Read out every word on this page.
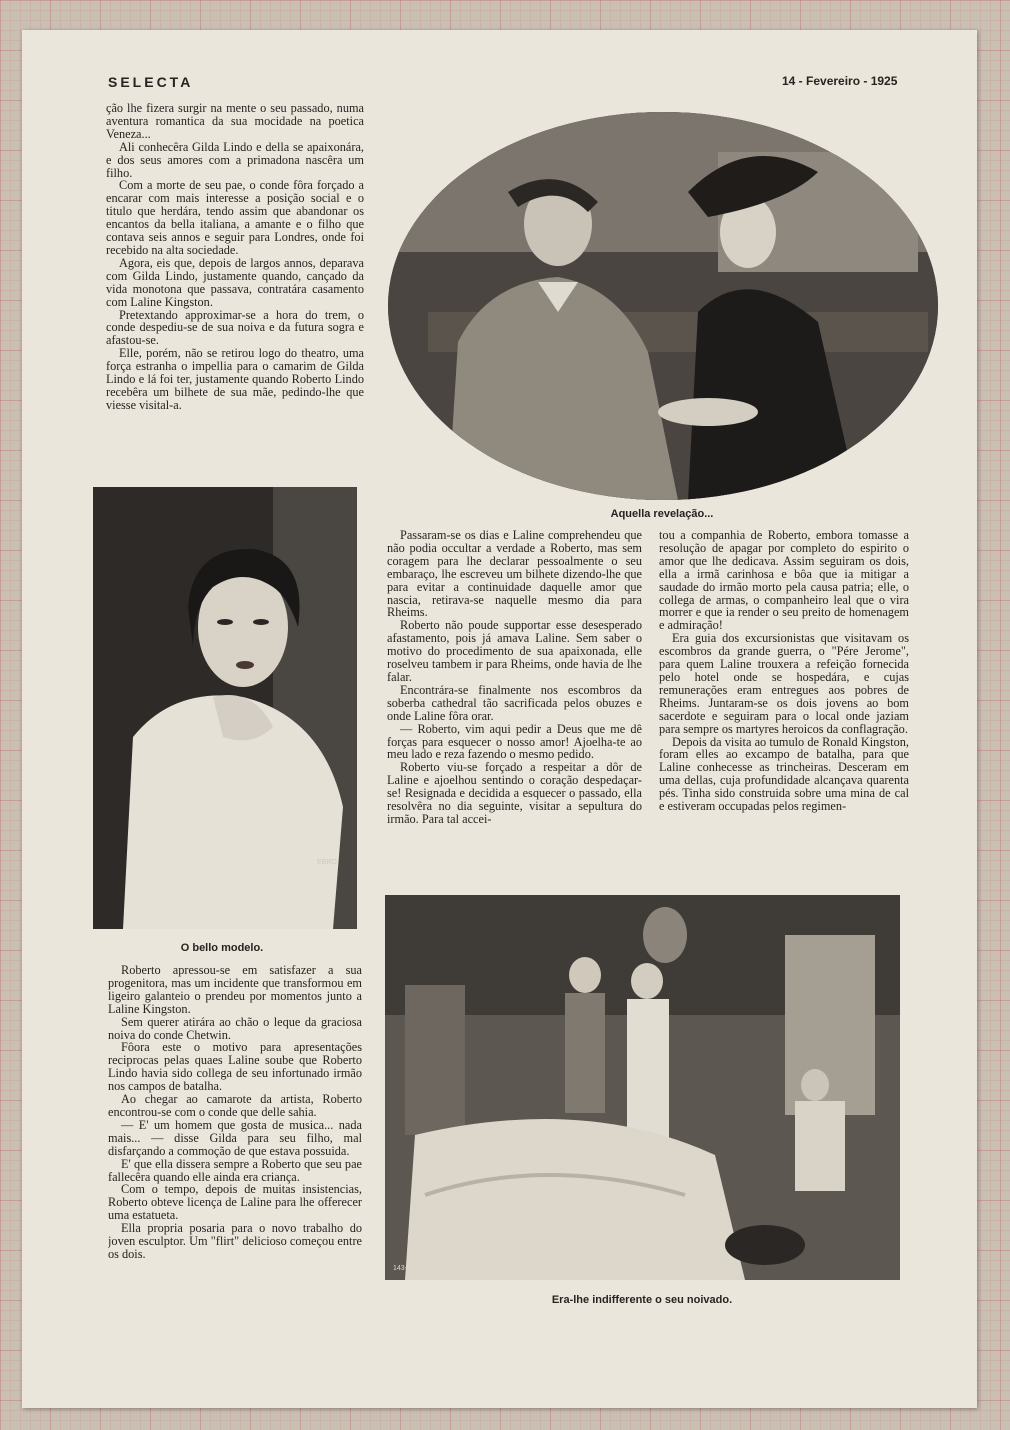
SELECTA	14 - Fevereiro - 1925

ção lhe fizera surgir na mente o seu passado, numa aventura romantica da sua mocidade na poetica Veneza...

Ali conhecêra Gilda Lindo e della se apaixonára, e dos seus amores com a primadona nascêra um filho.

Com a morte de seu pae, o conde fôra forçado a encarar com mais interesse a posição social e o titulo que herdára, tendo assim que abandonar os encantos da bella italiana, a amante e o filho que contava seis annos e seguir para Londres, onde foi recebido na alta sociedade.

Agora, eis que, depois de largos annos, deparava com Gilda Lindo, justamente quando, cançado da vida monotona que passava, contratára casamento com Laline Kingston.

Pretextando approximar-se a hora do trem, o conde despediu-se de sua noiva e da futura sogra e afastou-se.

Elle, porém, não se retirou logo do theatro, uma força estranha o impellia para o camarim de Gilda Lindo e lá foi ter, justamente quando Roberto Lindo recebêra um bilhete de sua mãe, pedindo-lhe que viesse visital-a.

Aquella revelação...
EBRO
O bello modelo.

Roberto apressou-se em satisfazer a sua progenitora, mas um incidente que transformou em ligeiro galanteio o prendeu por momentos junto a Laline Kingston.

Sem querer atirára ao chão o leque da graciosa noiva do conde Chetwin.

Fôora este o motivo para apresentações reciprocas pelas quaes Laline soube que Roberto Lindo havia sido collega de seu infortunado irmão nos campos de batalha.

Ao chegar ao camarote da artista, Roberto encontrou-se com o conde que delle sahia.

— E' um homem que gosta de musica... nada mais... — disse Gilda para seu filho, mal disfarçando a commoção de que estava possuida.

E' que ella dissera sempre a Roberto que seu pae fallecêra quando elle ainda era criança.

Com o tempo, depois de muitas insistencias, Roberto obteve licença de Laline para lhe offerecer uma estatueta.

Ella propria posaria para o novo trabalho do joven esculptor. Um "flirt" delicioso começou entre os dois.

Passaram-se os dias e Laline comprehendeu que não podia occultar a verdade a Roberto, mas sem coragem para lhe declarar pessoalmente o seu embaraço, lhe escreveu um bilhete dizendo-lhe que para evitar a continuidade daquelle amor que nascia, retirava-se naquelle mesmo dia para Rheims.

Roberto não poude supportar esse desesperado afastamento, pois já amava Laline. Sem saber o motivo do procedimento de sua apaixonada, elle roselveu tambem ir para Rheims, onde havia de lhe falar.

Encontrára-se finalmente nos escombros da soberba cathedral tão sacrificada pelos obuzes e onde Laline fôra orar.

— Roberto, vim aqui pedir a Deus que me dê forças para esquecer o nosso amor! Ajoelha-te ao meu lado e reza fazendo o mesmo pedido.

Roberto viu-se forçado a respeitar a dôr de Laline e ajoelhou sentindo o coração despedaçar-se! Resignada e decidida a esquecer o passado, ella resolvêra no dia seguinte, visitar a sepultura do irmão. Para tal accei-

tou a companhia de Roberto, embora tomasse a resolução de apagar por completo do espirito o amor que lhe dedicava. Assim seguiram os dois, ella a irmã carinhosa e bôa que ia mitigar a saudade do irmão morto pela causa patria; elle, o collega de armas, o companheiro leal que o vira morrer e que ia render o seu preito de homenagem e admiração!

Era guia dos excursionistas que visitavam os escombros da grande guerra, o "Pére Jerome", para quem Laline trouxera a refeição fornecida pelo hotel onde se hospedára, e cujas remunerações eram entregues aos pobres de Rheims. Juntaram-se os dois jovens ao bom sacerdote e seguiram para o local onde jaziam para sempre os martyres heroicos da conflagração.

Depois da visita ao tumulo de Ronald Kingston, foram elles ao excampo de batalha, para que Laline conhecesse as trincheiras. Desceram em uma dellas, cuja profundidade alcançava quarenta pés. Tinha sido construida sobre uma mina de cal e estiveram occupadas pelos regimen-

143-79
Era-lhe indifferente o seu noivado.
